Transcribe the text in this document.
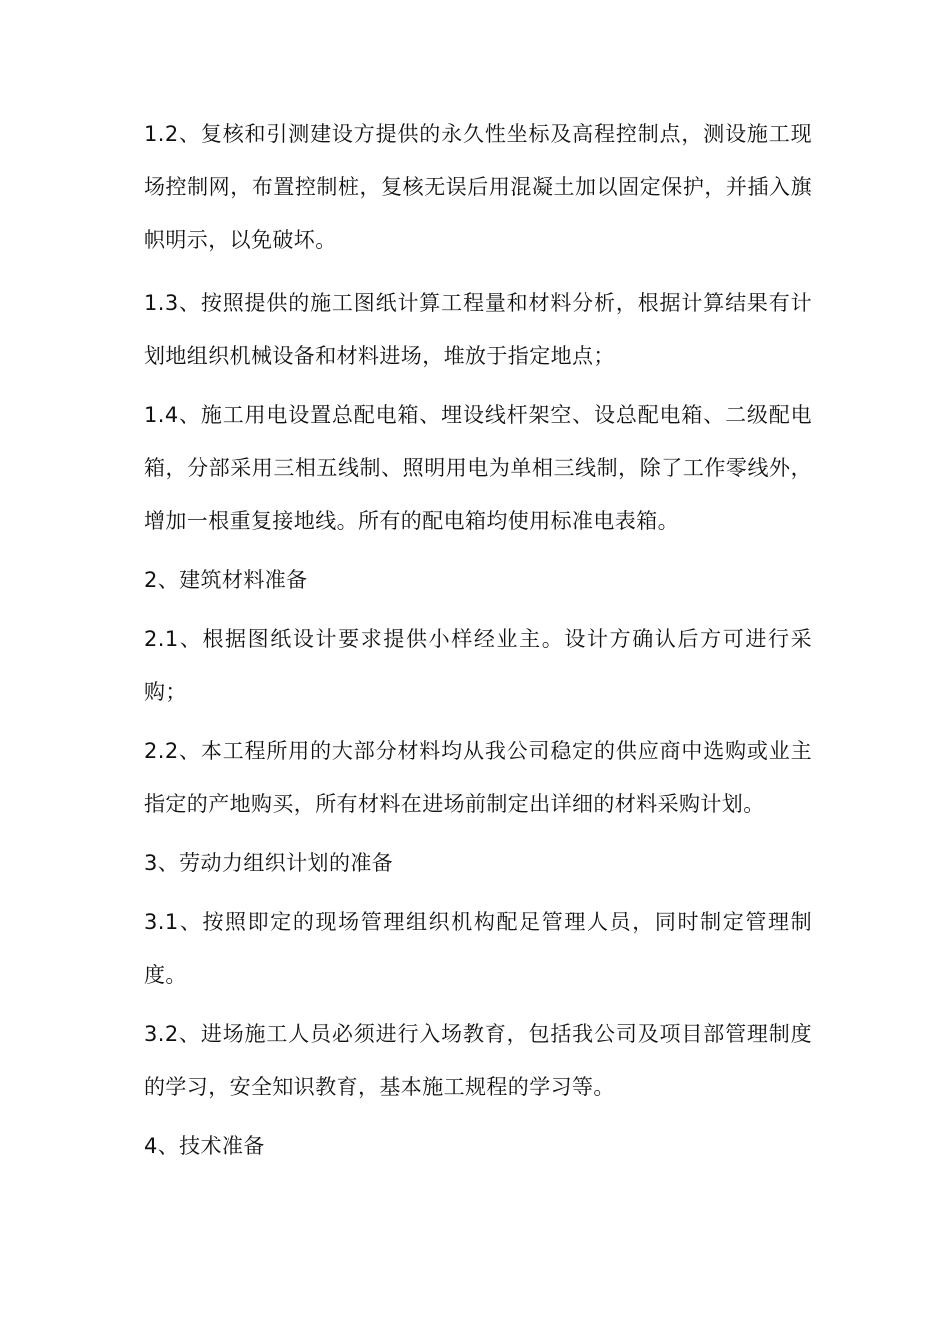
1.2、复核和引测建设方提供的永久性坐标及高程控制点，测设施工现场控制网，布置控制桩，复核无误后用混凝土加以固定保护，并插入旗帜明示，以免破坏。

1.3、按照提供的施工图纸计算工程量和材料分析，根据计算结果有计划地组织机械设备和材料进场，堆放于指定地点；

1.4、施工用电设置总配电箱、埋设线杆架空、设总配电箱、二级配电箱，分部采用三相五线制、照明用电为单相三线制，除了工作零线外，增加一根重复接地线。所有的配电箱均使用标准电表箱。

2、建筑材料准备

2.1、根据图纸设计要求提供小样经业主。设计方确认后方可进行采购；

2.2、本工程所用的大部分材料均从我公司稳定的供应商中选购或业主指定的产地购买，所有材料在进场前制定出详细的材料采购计划。

3、劳动力组织计划的准备

3.1、按照即定的现场管理组织机构配足管理人员，同时制定管理制度。

3.2、进场施工人员必须进行入场教育，包括我公司及项目部管理制度的学习，安全知识教育，基本施工规程的学习等。

4、技术准备
